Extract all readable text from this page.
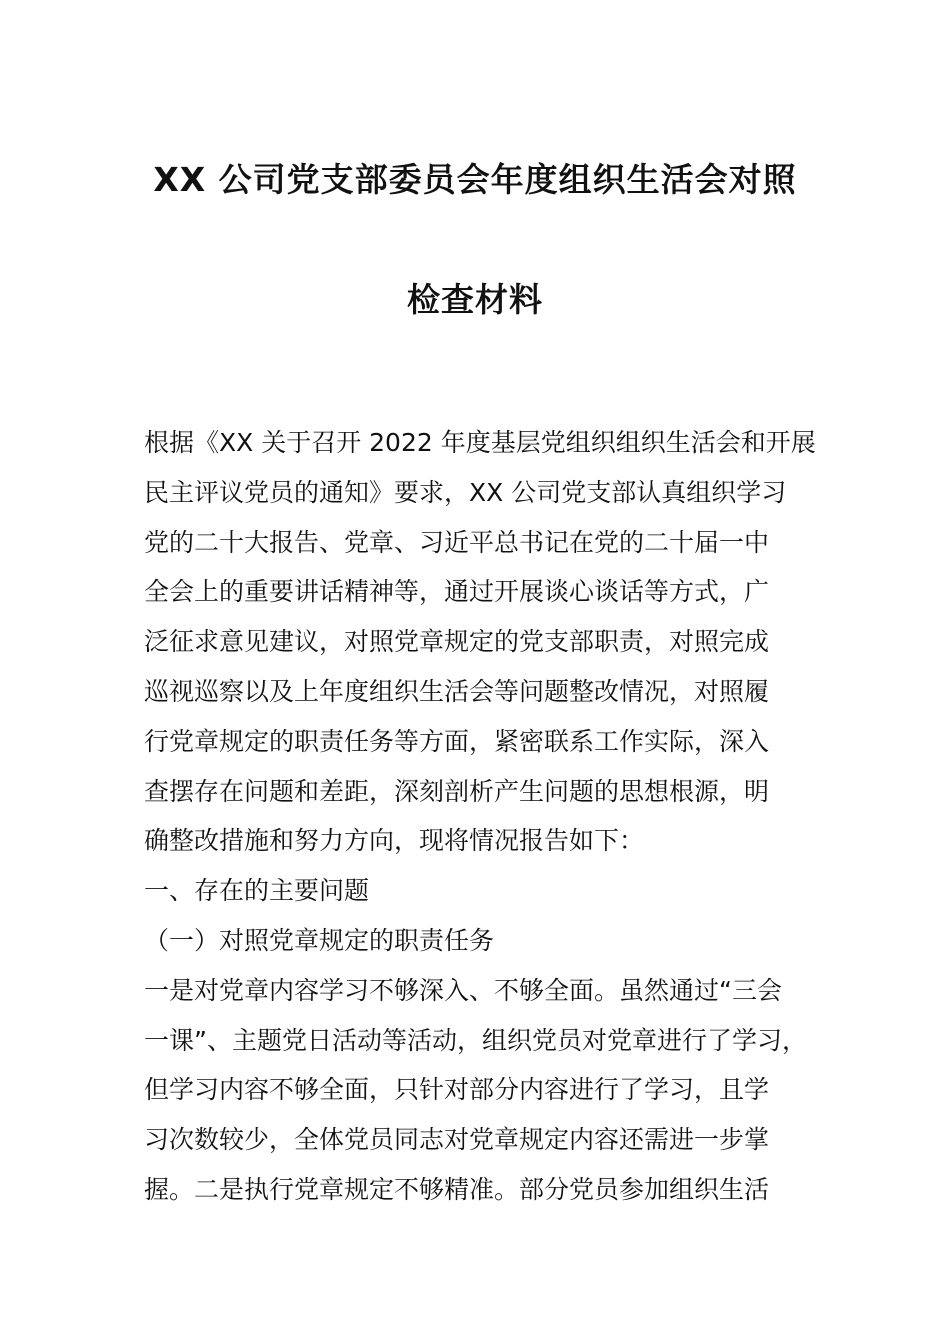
XX 公司党支部委员会年度组织生活会对照
检查材料
根据《XX 关于召开 2022 年度基层党组织组织生活会和开展
民主评议党员的通知》要求，XX 公司党支部认真组织学习
党的二十大报告、党章、习近平总书记在党的二十届一中
全会上的重要讲话精神等，通过开展谈心谈话等方式，广
泛征求意见建议，对照党章规定的党支部职责，对照完成
巡视巡察以及上年度组织生活会等问题整改情况，对照履
行党章规定的职责任务等方面，紧密联系工作实际，深入
查摆存在问题和差距，深刻剖析产生问题的思想根源，明
确整改措施和努力方向，现将情况报告如下：
一、存在的主要问题
（一）对照党章规定的职责任务
一是对党章内容学习不够深入、不够全面。虽然通过“三会
一课”、主题党日活动等活动，组织党员对党章进行了学习，
但学习内容不够全面，只针对部分内容进行了学习，且学
习次数较少，全体党员同志对党章规定内容还需进一步掌
握。二是执行党章规定不够精准。部分党员参加组织生活
